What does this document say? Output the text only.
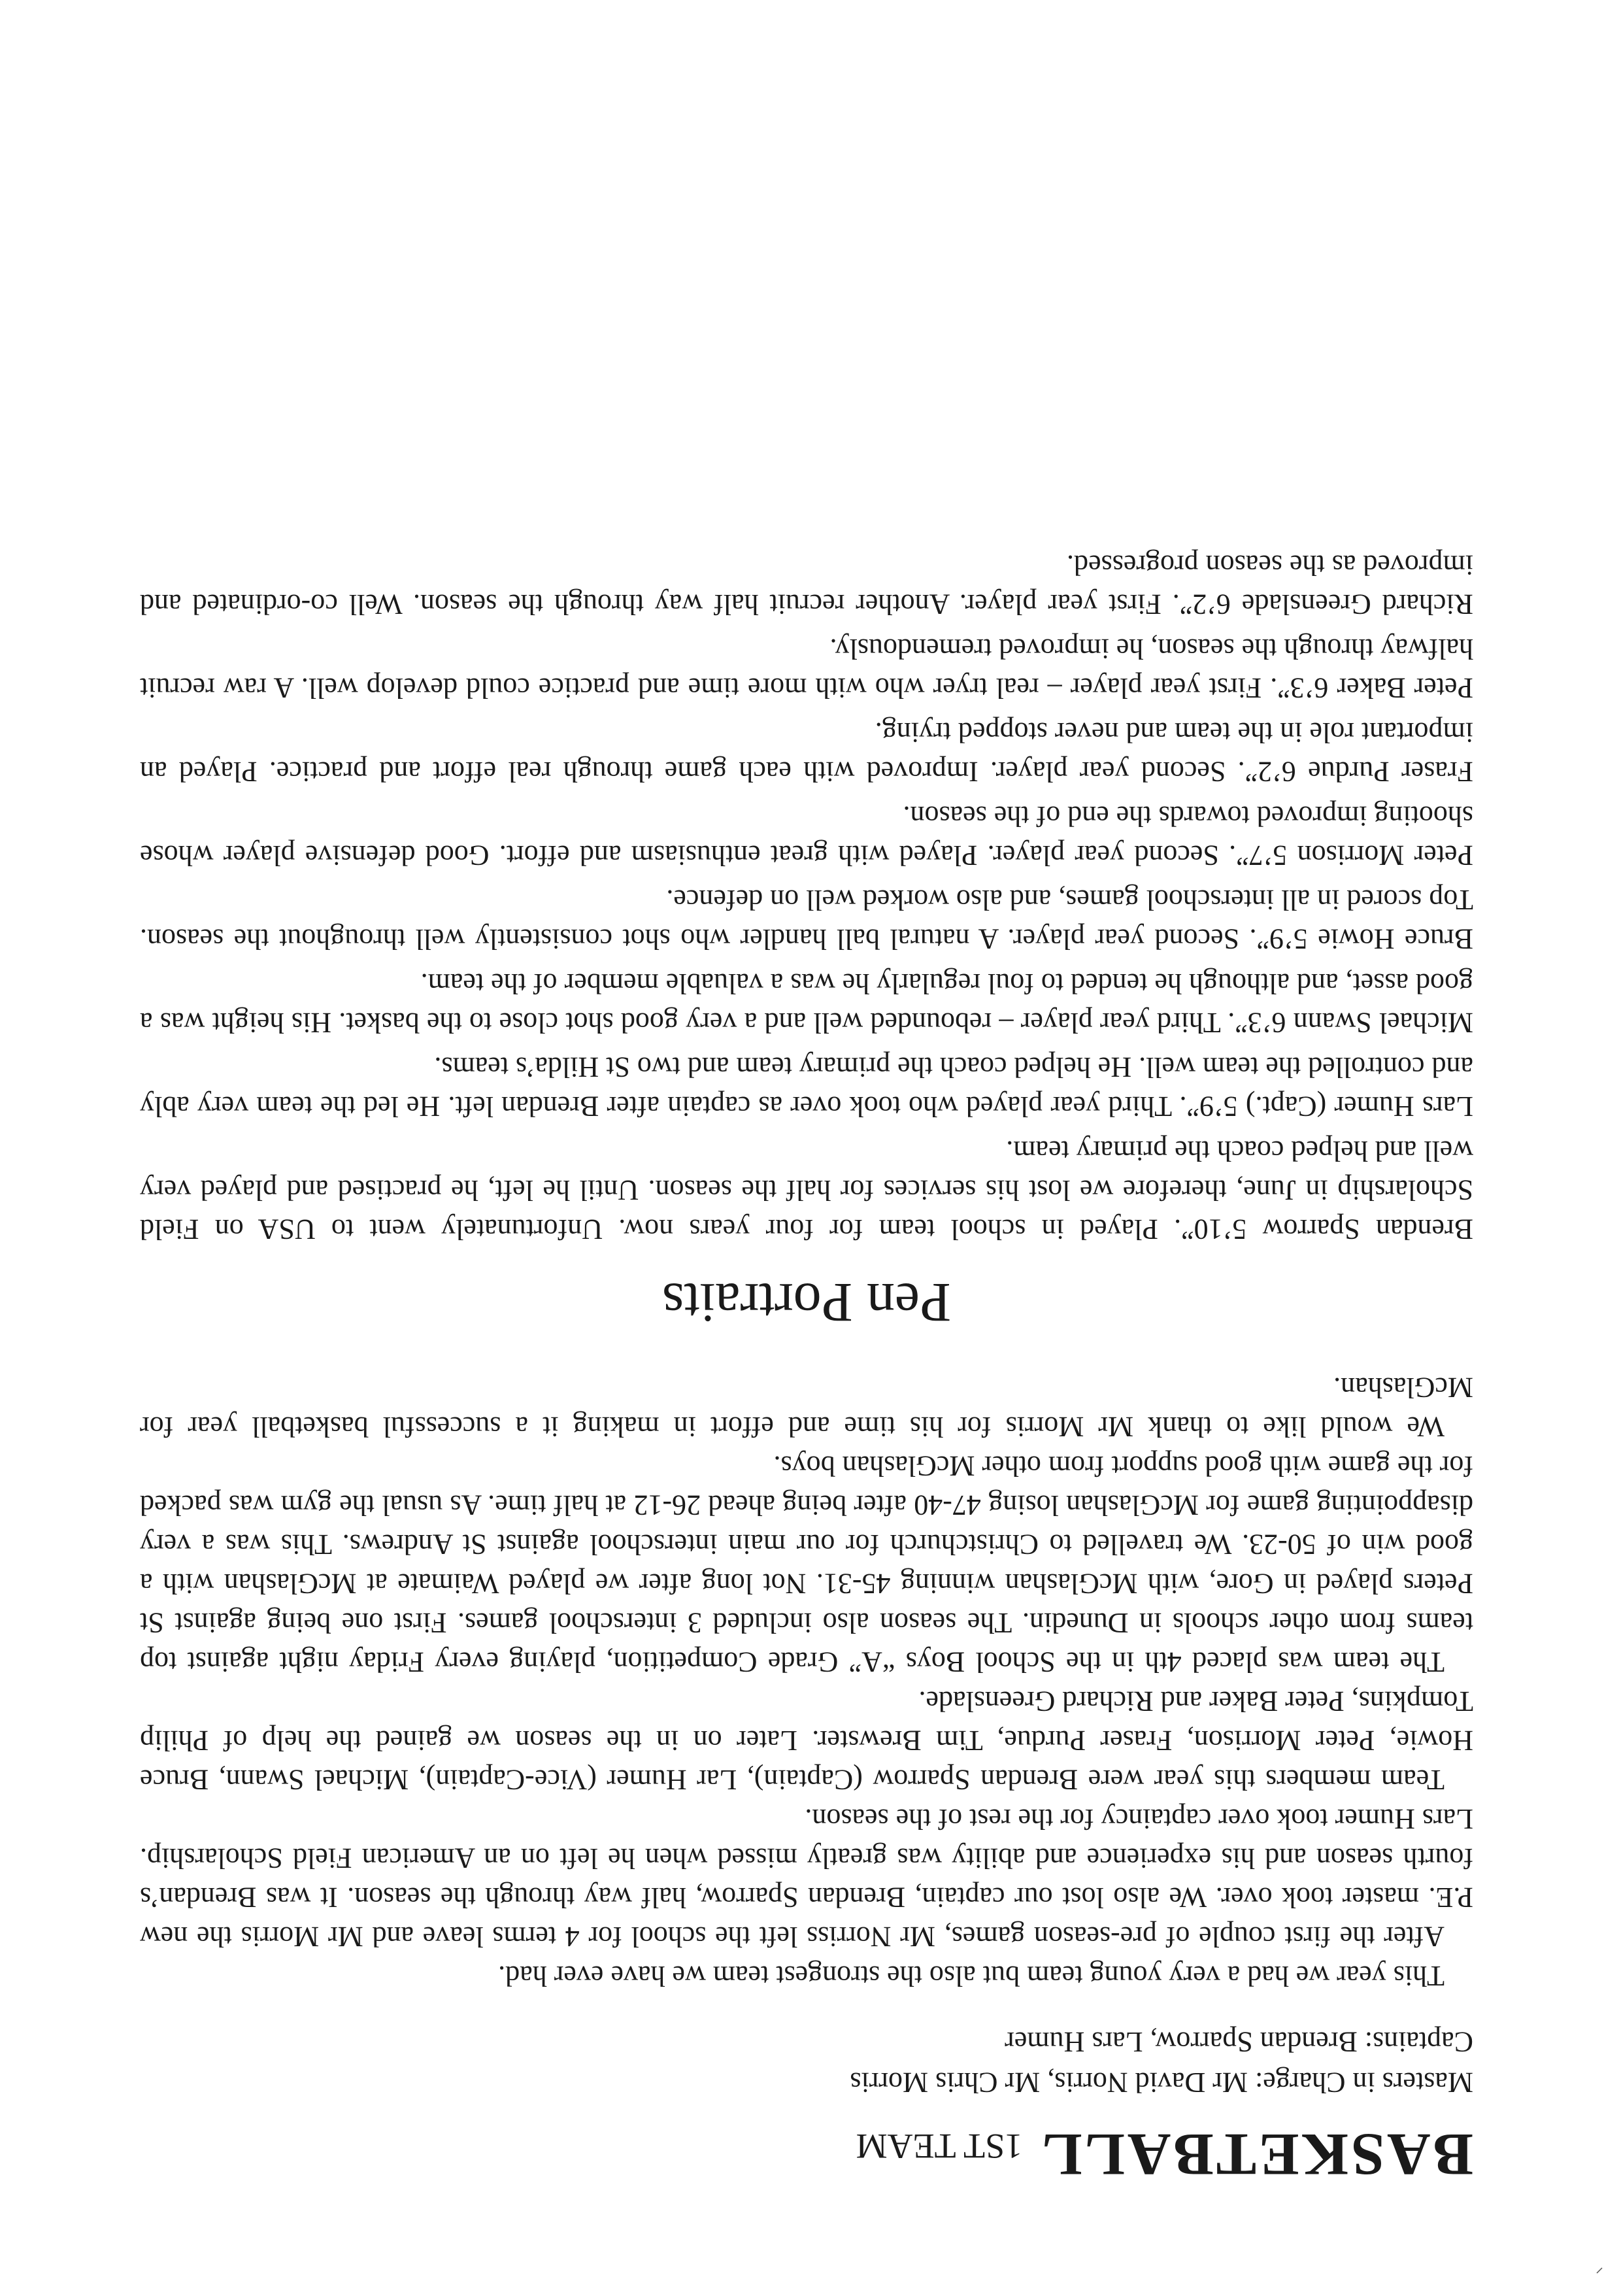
BASKETBALL
1ST TEAM
Masters in Charge: Mr David Norris, Mr Chris Morris
Captains: Brendan Sparrow, Lars Humer

This year we had a very young team but also the strongest team we have ever had.

After the first couple of pre-season games, Mr Norriss left the school for 4 terms leave and Mr Morris the new P.E. master took over. We also lost our captain, Brendan Sparrow, half way through the season. It was Brendan’s fourth season and his experience and ability was greatly missed when he left on an American Field Scholarship. Lars Humer took over captaincy for the rest of the season.

Team members this year were Brendan Sparrow (Captain), Lar Humer (Vice-Captain), Michael Swann, Bruce Howie, Peter Morrison, Fraser Purdue, Tim Brewster. Later on in the season we gained the help of Philip Tompkins, Peter Baker and Richard Greenslade.

The team was placed 4th in the School Boys “A” Grade Competition, playing every Friday night against top teams from other schools in Dunedin. The season also included 3 interschool games. First one being against St Peters played in Gore, with McGlashan winning 45-31. Not long after we played Waimate at McGlashan with a good win of 50-23. We travelled to Christchurch for our main interschool against St Andrews. This was a very disappointing game for McGlashan losing 47-40 after being ahead 26-12 at half time. As usual the gym was packed for the game with good support from other McGlashan boys.

We would like to thank Mr Morris for his time and effort in making it a successful basketball year for McGlashan.

Pen Portraits

Brendan Sparrow 5’10”. Played in school team for four years now. Unfortunately went to USA on Field Scholarship in June, therefore we lost his services for half the season. Until he left, he practised and played very well and helped coach the primary team.

Lars Humer (Capt.) 5’9”. Third year played who took over as captain after Brendan left. He led the team very ably and controlled the team well. He helped coach the primary team and two St Hilda’s teams.

Michael Swann 6’3”. Third year player – rebounded well and a very good shot close to the basket. His height was a good asset, and although he tended to foul regularly he was a valuable member of the team.

Bruce Howie 5’9”. Second year player. A natural ball handler who shot consistently well throughout the season. Top scored in all interschool games, and also worked well on defence.

Peter Morrison 5’7”. Second year player. Played with great enthusiasm and effort. Good defensive player whose shooting improved towards the end of the season.

Fraser Purdue 6’2”. Second year player. Improved with each game through real effort and practice. Played an important role in the team and never stopped trying.

Peter Baker 6’3”. First year player – real tryer who with more time and practice could develop well. A raw recruit halfway through the season, he improved tremendously.

Richard Greenslade 6’2”. First year player. Another recruit half way through the season. Well co-ordinated and improved as the season progressed.
